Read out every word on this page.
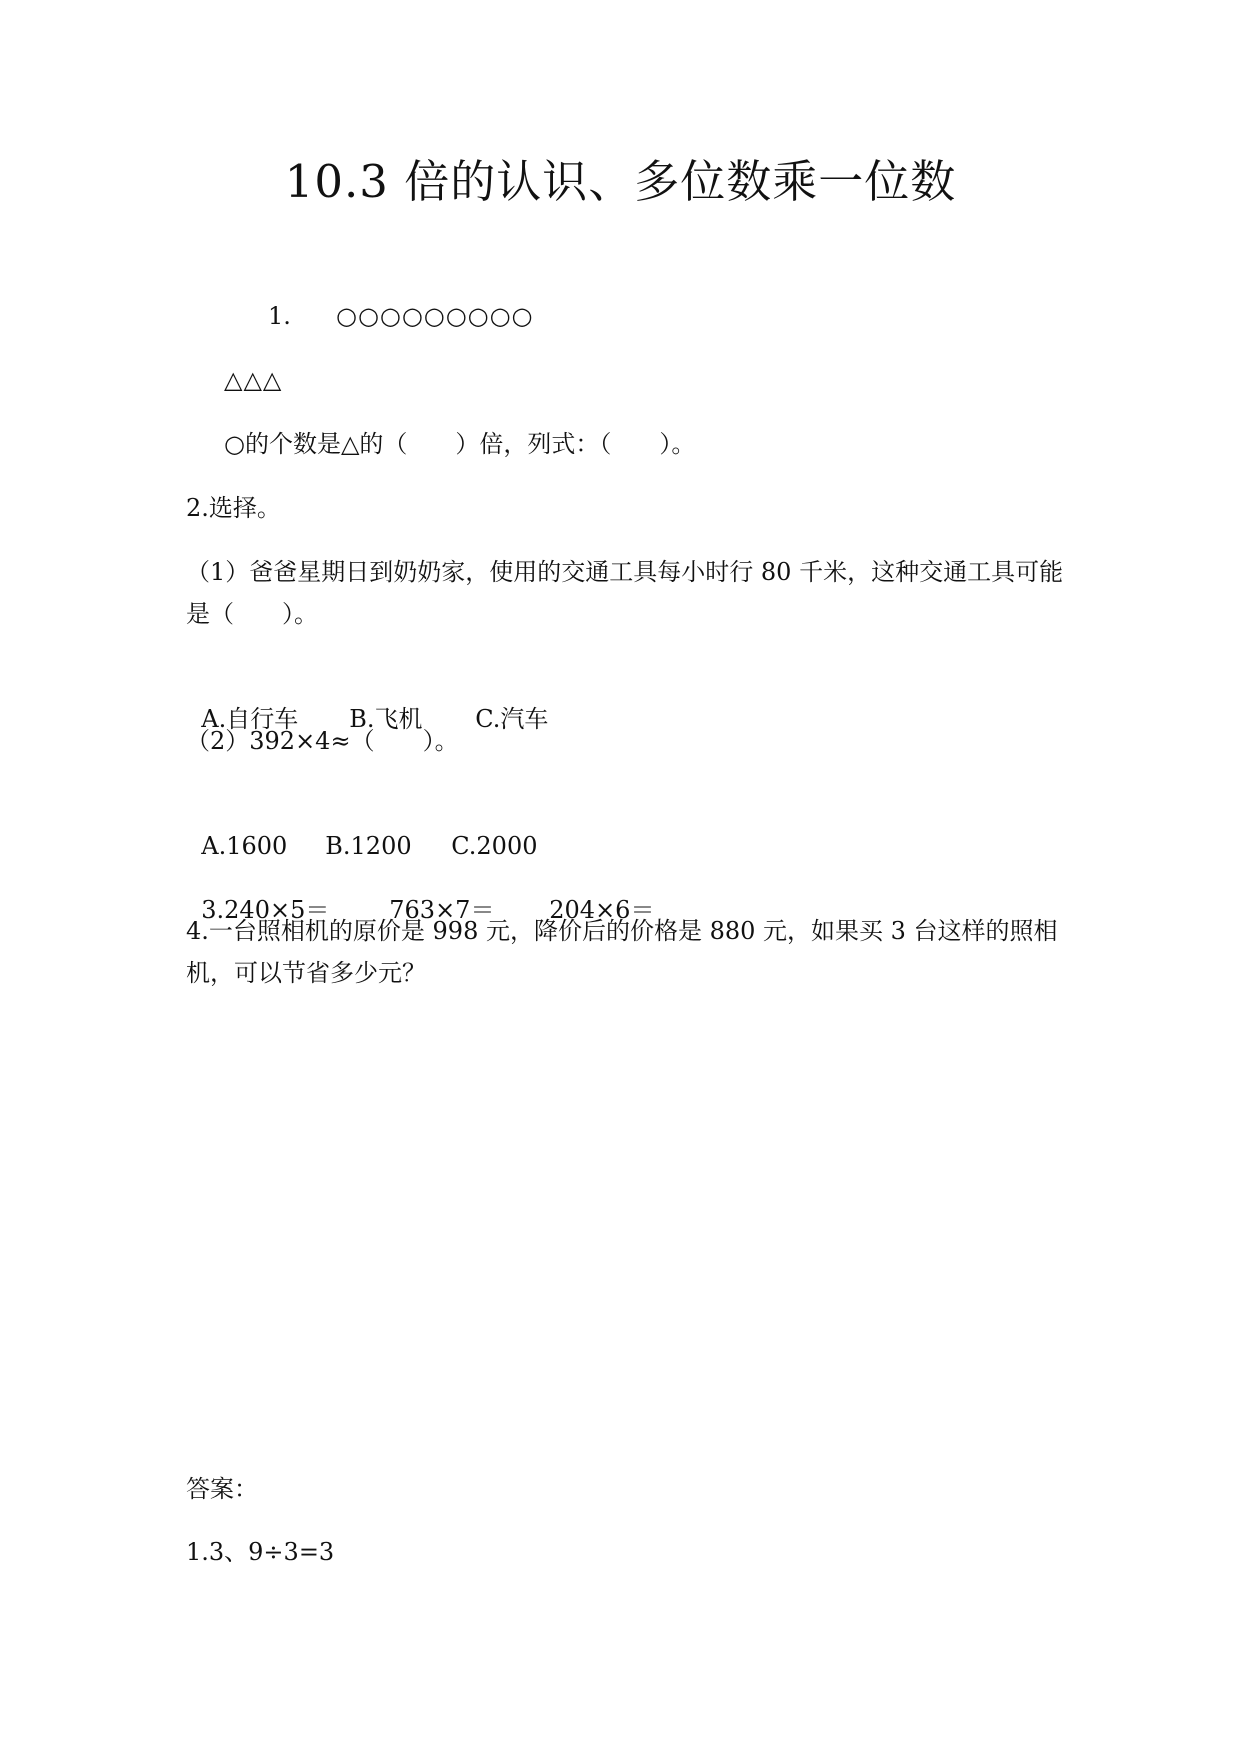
10.3 倍的认识、多位数乘一位数
1. ○○○○○○○○○
△△△
○的个数是△的（　　）倍，列式：（　　）。
2.选择。
（1）爸爸星期日到奶奶家，使用的交通工具每小时行 80 千米，这种交通工具可能是（　　）。

A.自行车 B.飞机 C.汽车

（2）392×4≈（　　）。

A.1600 B.1200 C.2000

3.240×5＝ 763×7＝ 204×6＝

4.一台照相机的原价是 998 元，降价后的价格是 880 元，如果买 3 台这样的照相机，可以节省多少元？
答案：
1.3、9÷3=3
